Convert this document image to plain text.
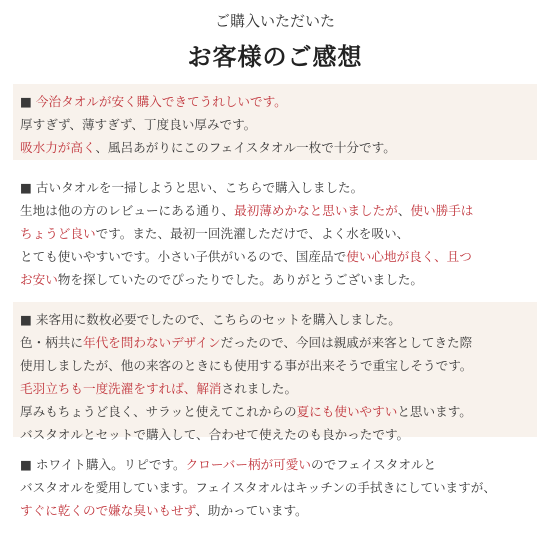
ご購入いただいた
お客様のご感想
■ 今治タオルが安く購入できてうれしいです。
厚すぎず、薄すぎず、丁度良い厚みです。
吸水力が高く、風呂あがりにこのフェイスタオル一枚で十分です。
■ 古いタオルを一掃しようと思い、こちらで購入しました。
生地は他の方のレビューにある通り、最初薄めかなと思いましたが、使い勝手は
ちょうど良いです。また、最初一回洗濯しただけで、よく水を吸い、
とても使いやすいです。小さい子供がいるので、国産品で使い心地が良く、且つ
お安い物を探していたのでぴったりでした。ありがとうございました。
■ 来客用に数枚必要でしたので、こちらのセットを購入しました。
色・柄共に年代を問わないデザインだったので、今回は親戚が来客としてきた際
使用しましたが、他の来客のときにも使用する事が出来そうで重宝しそうです。
毛羽立ちも一度洗濯をすれば、解消されました。
厚みもちょうど良く、サラッと使えてこれからの夏にも使いやすいと思います。
バスタオルとセットで購入して、合わせて使えたのも良かったです。
■ ホワイト購入。リピです。クローバー柄が可愛いのでフェイスタオルと
バスタオルを愛用しています。フェイスタオルはキッチンの手拭きにしていますが、
すぐに乾くので嫌な臭いもせず、助かっています。
